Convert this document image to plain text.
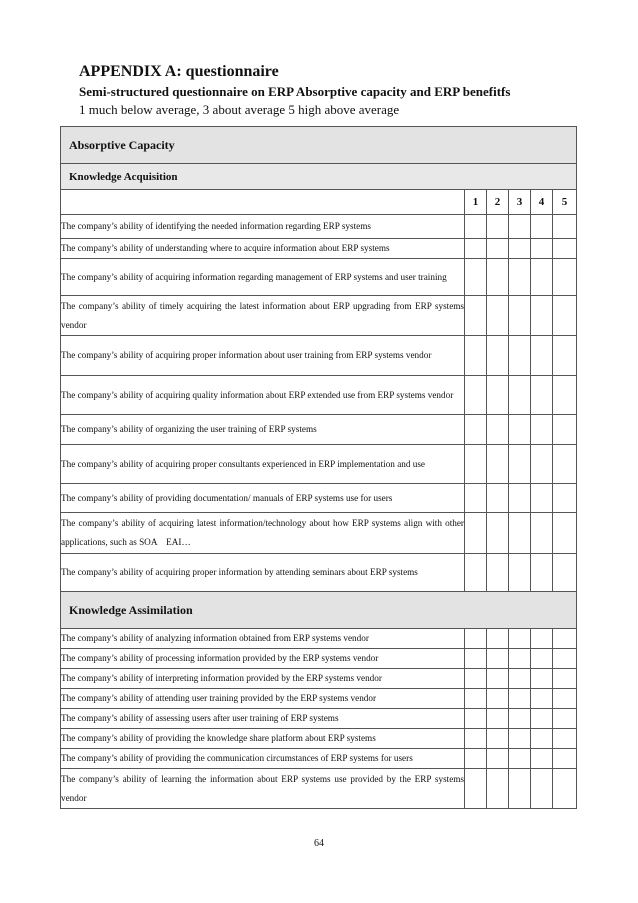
APPENDIX A: questionnaire
Semi-structured questionnaire on ERP Absorptive capacity and ERP benefitfs
1 much below average, 3 about average 5 high above average
Absorptive Capacity					
Knowledge Acquisition					
	1	2	3	4	5
The company’s ability of identifying the needed information regarding ERP systems					
The company’s ability of understanding where to acquire information about ERP systems					
The company’s ability of acquiring information regarding management of ERP systems and user training					
The company’s ability of timely acquiring the latest information about ERP upgrading from ERP systems vendor					
The company’s ability of acquiring proper information about user training from ERP systems vendor					
The company’s ability of acquiring quality information about ERP extended use from ERP systems vendor					
The company’s ability of organizing the user training of ERP systems					
The company’s ability of acquiring proper consultants experienced in ERP implementation and use					
The company’s ability of providing documentation/ manuals of ERP systems use for users					
The company’s ability of acquiring latest information/technology about how ERP systems align with other applications, such as SOA　EAI…					
The company’s ability of acquiring proper information by attending seminars about ERP systems					
Knowledge Assimilation					
The company’s ability of analyzing information obtained from ERP systems vendor					
The company’s ability of processing information provided by the ERP systems vendor					
The company’s ability of interpreting information provided by the ERP systems vendor					
The company’s ability of attending user training provided by the ERP systems vendor					
The company’s ability of assessing users after user training of ERP systems					
The company’s ability of providing the knowledge share platform about ERP systems					
The company’s ability of providing the communication circumstances of ERP systems for users					
The company’s ability of learning the information about ERP systems use provided by the ERP systems vendor					
64
